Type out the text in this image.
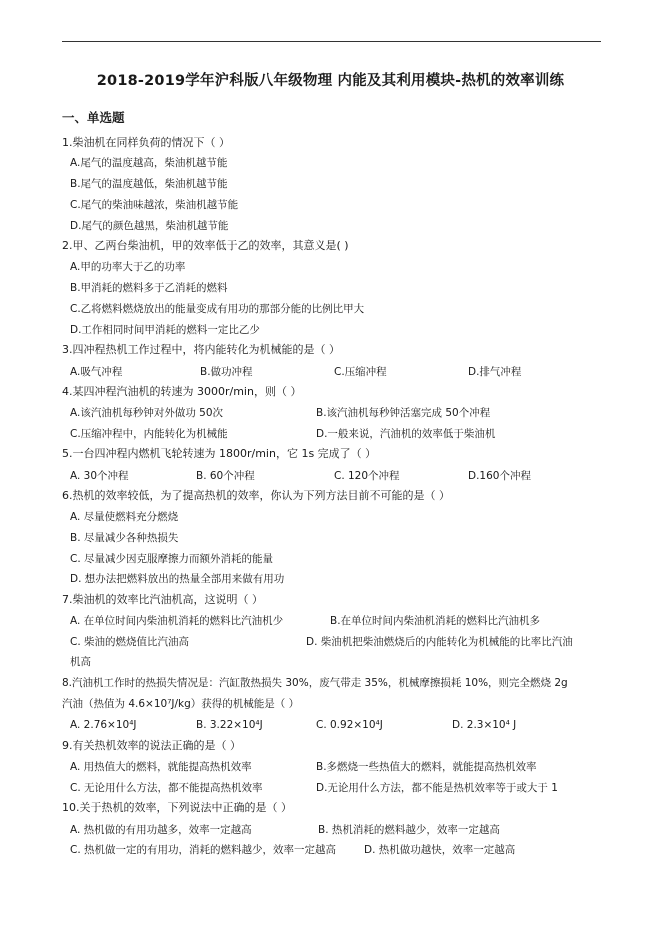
2018-2019学年沪科版八年级物理 内能及其利用模块-热机的效率训练
一、单选题
1.柴油机在同样负荷的情况下（ ）
A.尾气的温度越高，柴油机越节能
B.尾气的温度越低，柴油机越节能
C.尾气的柴油味越浓，柴油机越节能
D.尾气的颜色越黑，柴油机越节能
2.甲、乙两台柴油机，甲的效率低于乙的效率，其意义是( )
A.甲的功率大于乙的功率
B.甲消耗的燃料多于乙消耗的燃料
C.乙将燃料燃烧放出的能量变成有用功的那部分能的比例比甲大
D.工作相同时间甲消耗的燃料一定比乙少
3.四冲程热机工作过程中，将内能转化为机械能的是（ ）
A.吸气冲程	B.做功冲程	C.压缩冲程	D.排气冲程
4.某四冲程汽油机的转速为 3000r/min，则（ ）
A.该汽油机每秒钟对外做功 50次	B.该汽油机每秒钟活塞完成 50个冲程
C.压缩冲程中，内能转化为机械能	D.一般来说，汽油机的效率低于柴油机
5.一台四冲程内燃机飞轮转速为 1800r/min，它 1s 完成了（ ）
A. 30个冲程	B. 60个冲程	C. 120个冲程	D.160个冲程
6.热机的效率较低，为了提高热机的效率，你认为下列方法目前不可能的是（ ）
A. 尽量使燃料充分燃烧
B. 尽量减少各种热损失
C. 尽量减少因克服摩擦力而额外消耗的能量
D. 想办法把燃料放出的热量全部用来做有用功
7.柴油机的效率比汽油机高，这说明（ ）
A. 在单位时间内柴油机消耗的燃料比汽油机少	B.在单位时间内柴油机消耗的燃料比汽油机多
C. 柴油的燃烧值比汽油高	D. 柴油机把柴油燃烧后的内能转化为机械能的比率比汽油
机高
8.汽油机工作时的热损失情况是：汽缸散热损失 30%，废气带走 35%，机械摩擦损耗 10%，则完全燃烧 2g
汽油（热值为 4.6×10⁷J/kg）获得的机械能是（ ）
A. 2.76×10⁴J	B. 3.22×10⁴J	C. 0.92×10⁴J	D. 2.3×10⁴ J
9.有关热机效率的说法正确的是（ ）
A. 用热值大的燃料，就能提高热机效率	B.多燃烧一些热值大的燃料，就能提高热机效率
C. 无论用什么方法，都不能提高热机效率	D.无论用什么方法，都不能是热机效率等于或大于 1
10.关于热机的效率，下列说法中正确的是（ ）
A. 热机做的有用功越多，效率一定越高	B. 热机消耗的燃料越少，效率一定越高
C. 热机做一定的有用功，消耗的燃料越少，效率一定越高	D. 热机做功越快，效率一定越高
